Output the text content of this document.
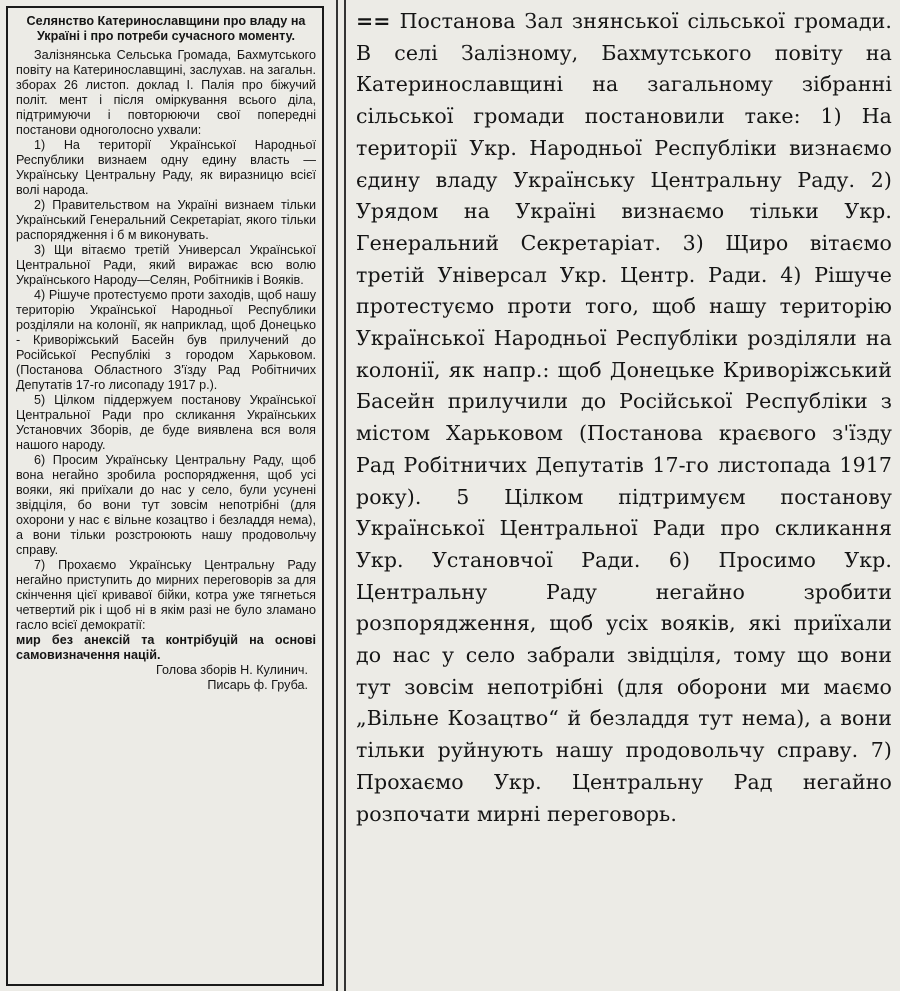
Селянство Катеринославщини про владу на Україні і про потреби сучасного моменту.

Залізнянська Сельська Громада, Бахмутського повіту на Катеринославщині, заслухав. на загальн. зборах 26 листоп. доклад І. Палія про біжучий політ. мент і після оміркування всього діла, підтримуючи і повторюючи свої попередні постанови одноголосно ухвали:

1) На території Української Народньої Республики визнаем одну едину власть — Українську Центральну Раду, як виразницю всієї волі народа.

2) Правительством на Україні визнаем тільки Український Генеральний Секретаріат, якого тільки распорядження і б м виконувать.

3) Щи вітаємо третій Универсал Української Центральної Ради, який виражає всю волю Українського Народу—Селян, Робітників і Вояків.

4) Рішуче протестуємо проти заходів, щоб нашу територію Української Народньої Республики розділяли на колонії, як наприклад, щоб Донецько - Криворіжський Басейн був прилучений до Російської Республікі з городом Харьковом. (Постанова Областного З'їзду Рад Робітничих Депутатів 17-го лисопаду 1917 р.).

5) Цілком піддержуем постанову Української Центральної Ради про скликання Українських Установчих Зборів, де буде виявлена вся воля нашого народу.

6) Просим Українську Центральну Раду, щоб вона негайно зробила роспорядження, щоб усі вояки, які приїхали до нас у село, були усунені звідціля, бо вони тут зовсім непотрібні (для охорони у нас є вільне козацтво і безладдя нема), а вони тільки розстроюють нашу продовольчу справу.

7) Прохаємо Українську Центральну Раду негайно приступить до мирних переговорів за для скінчення цієї кривавої бійки, котра уже тягнеться четвертий рік і щоб ні в якім разі не було зламано гасло всієї демократії:

мир без анексій та контрібуцій на основі самовизначення націй.

Голова зборів Н. Кулинич.

Писарь ф. Груба.

== Постанова Зал знянської сільської громади. В селі Залізному, Бахмутського повіту на Катеринославщині на загальному зібранні сільської громади постановили таке: 1) На території Укр. Народньої Республіки визнаємо єдину владу Українську Центральну Раду. 2) Урядом на Україні визнаємо тільки Укр. Генеральний Секретаріат. 3) Щиро вітаємо третій Універсал Укр. Центр. Ради. 4) Рішуче протестуємо проти того, щоб нашу територію Української Народньої Республіки розділяли на колонії, як напр.: щоб Донецьке Криворіжський Басейн прилучили до Російської Республіки з містом Харьковом (Постанова краєвого з'їзду Рад Робітничих Депутатів 17-го листопада 1917 року). 5 Цілком підтримуєм постанову Української Центральної Ради про скликання Укр. Установчої Ради. 6) Просимо Укр. Центральну Раду негайно зробити розпорядження, щоб усіх вояків, які приїхали до нас у село забрали звідціля, тому що вони тут зовсім непотрібні (для оборони ми маємо „Вільне Козацтво“ й безладдя тут нема), а вони тільки руйнують нашу продовольчу справу. 7) Прохаємо Укр. Центральну Рад негайно розпочати мирні переговорь.
